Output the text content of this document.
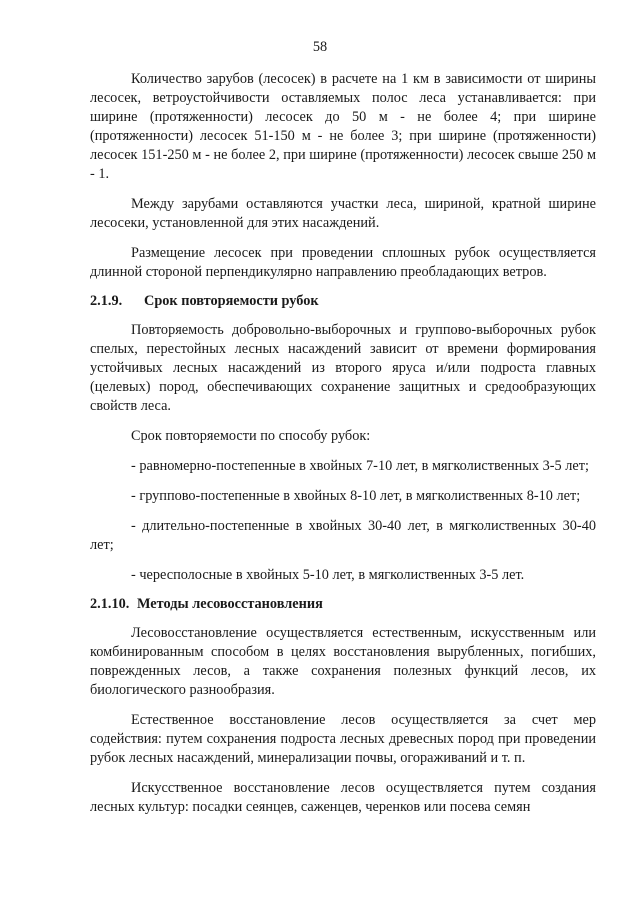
58

Количество зарубов (лесосек) в расчете на 1 км в зависимости от ширины лесосек, ветроустойчивости оставляемых полос леса устанавливается: при ширине (протяженности) лесосек до 50 м - не более 4; при ширине (протяженности) лесосек 51-150 м - не более 3; при ширине (протяженности) лесосек 151-250 м - не более 2, при ширине (протяженности) лесосек свыше 250 м - 1.

Между зарубами оставляются участки леса, шириной, кратной ширине лесосеки, установленной для этих насаждений.

Размещение лесосек при проведении сплошных рубок осуществляется длинной стороной перпендикулярно направлению преобладающих ветров.

2.1.9. Срок повторяемости рубок

Повторяемость добровольно-выборочных и группово-выборочных рубок спелых, перестойных лесных насаждений зависит от времени формирования устойчивых лесных насаждений из второго яруса и/или подроста главных (целевых) пород, обеспечивающих сохранение защитных и средообразующих свойств леса.

Срок повторяемости по способу рубок:

- равномерно-постепенные в хвойных 7-10 лет, в мягколиственных 3-5 лет;

- группово-постепенные в хвойных 8-10 лет, в мягколиственных 8-10 лет;

- длительно-постепенные в хвойных 30-40 лет, в мягколиственных 30-40 лет;

- чересполосные в хвойных 5-10 лет, в мягколиственных 3-5 лет.

2.1.10. Методы лесовосстановления

Лесовосстановление осуществляется естественным, искусственным или комбинированным способом в целях восстановления вырубленных, погибших, поврежденных лесов, а также сохранения полезных функций лесов, их биологического разнообразия.

Естественное восстановление лесов осуществляется за счет мер содействия: путем сохранения подроста лесных древесных пород при проведении рубок лесных насаждений, минерализации почвы, огораживаний и т. п.

Искусственное восстановление лесов осуществляется путем создания лесных культур: посадки сеянцев, саженцев, черенков или посева семян
